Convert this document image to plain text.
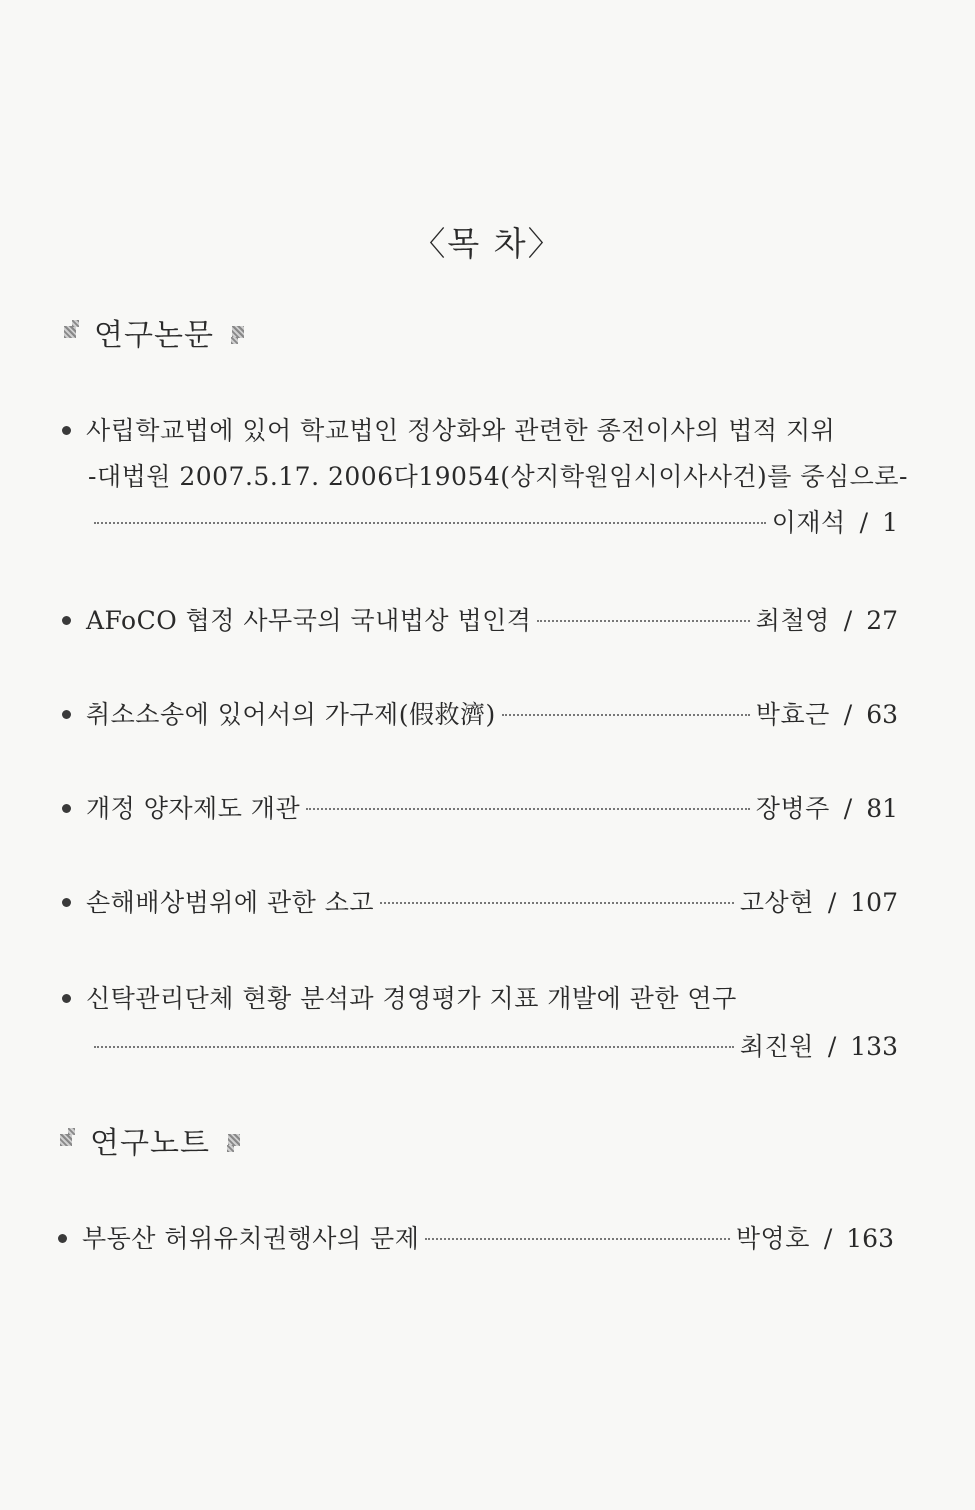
〈목 차〉
연구논문
사립학교법에 있어 학교법인 정상화와 관련한 종전이사의 법적 지위
-대법원 2007.5.17. 2006다19054(상지학원임시이사사건)를 중심으로-
이재석 / 1
AFoCO 협정 사무국의 국내법상 법인격	최철영 / 27
취소소송에 있어서의 가구제(假救濟)	박효근 / 63
개정 양자제도 개관	장병주 / 81
손해배상범위에 관한 소고	고상현 / 107
신탁관리단체 현황 분석과 경영평가 지표 개발에 관한 연구
최진원 / 133
연구노트
부동산 허위유치권행사의 문제	박영호 / 163
